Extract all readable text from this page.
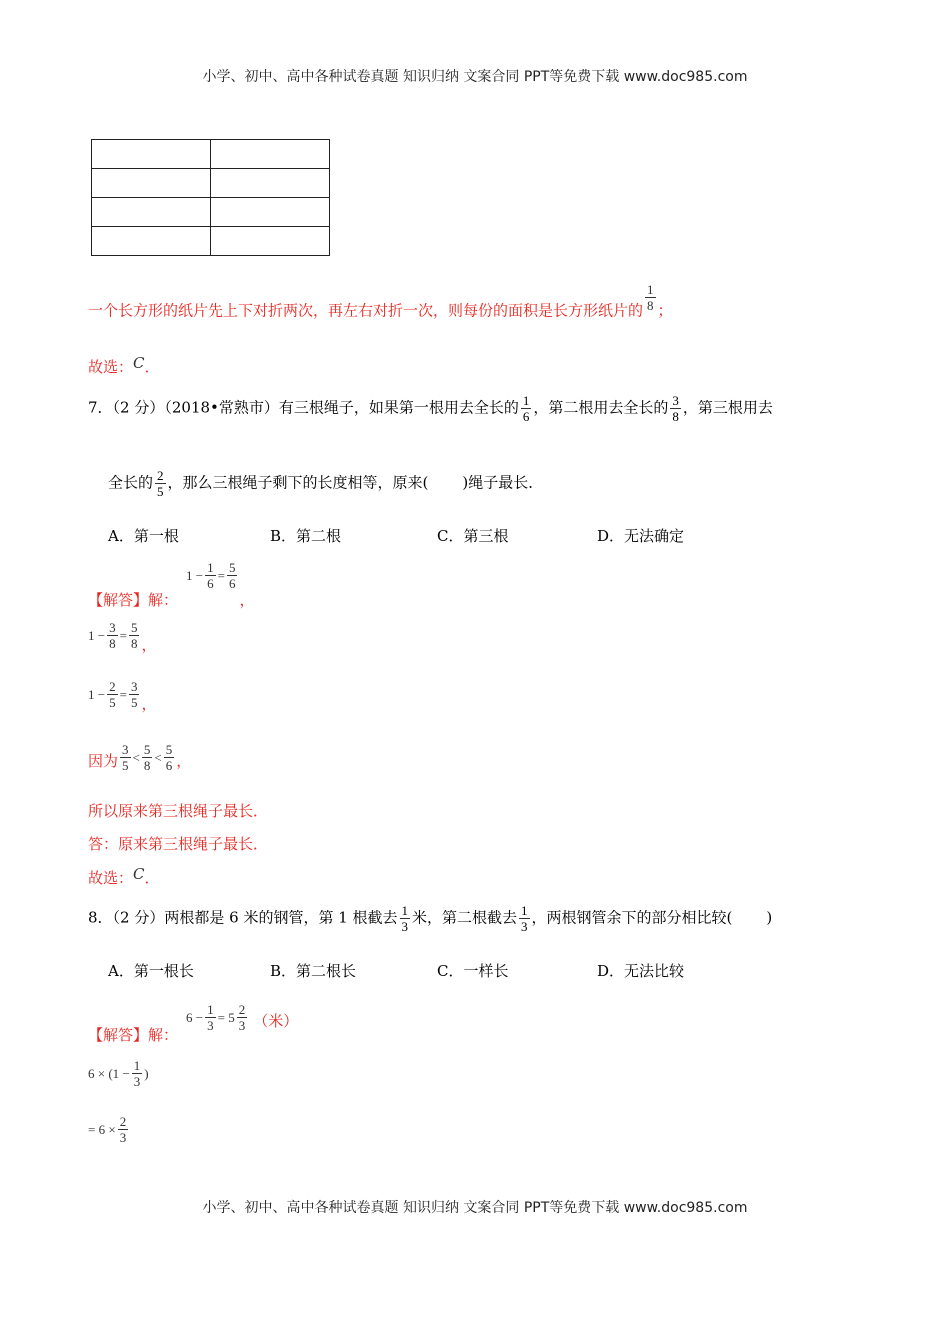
小学、初中、高中各种试卷真题 知识归纳 文案合同 PPT等免费下载 www.doc985.com

一个长方形的纸片先上下对折两次，再左右对折一次，则每份的面积是长方形纸片的 $\frac{1}{8}$ ；
故选：C．
7．（2 分）（2018•常熟市）有三根绳子，如果第一根用去全长的 $\frac{1}{6}$ ，第二根用去全长的 $\frac{3}{8}$ ，第三根用去
全长的 $\frac{2}{5}$ ，那么三根绳子剩下的长度相等，原来( )绳子最长．
A．第一根	B．第二根	C．第三根	D．无法确定
【解答】解：
1
− $\frac{1}{6} = \frac{5}{6}$
，
1
− $\frac{3}{8} = \frac{5}{8}$ ，
1
− $\frac{2}{5} = \frac{3}{5}$ ，
因为 $\frac{3}{5} < \frac{5}{8} < \frac{5}{6}$ ，
所以原来第三根绳子最长．
答：原来第三根绳子最长．
故选：C．
8．（2 分）两根都是 6 米的钢管，第 1 根截去 $\frac{1}{3}$ 米，第二根截去 $\frac{1}{3}$ ，两根钢管余下的部分相比较( )
A．第一根长	B．第二根长	C．一样长	D．无法比较
【解答】解：
6
− $\frac{1}{3}$ =
$5 \frac{2}{3}$ （米）
6
×
(1
− $\frac{1}{3}$ )
=
6
× $\frac{2}{3}$
小学、初中、高中各种试卷真题 知识归纳 文案合同 PPT等免费下载 www.doc985.com
